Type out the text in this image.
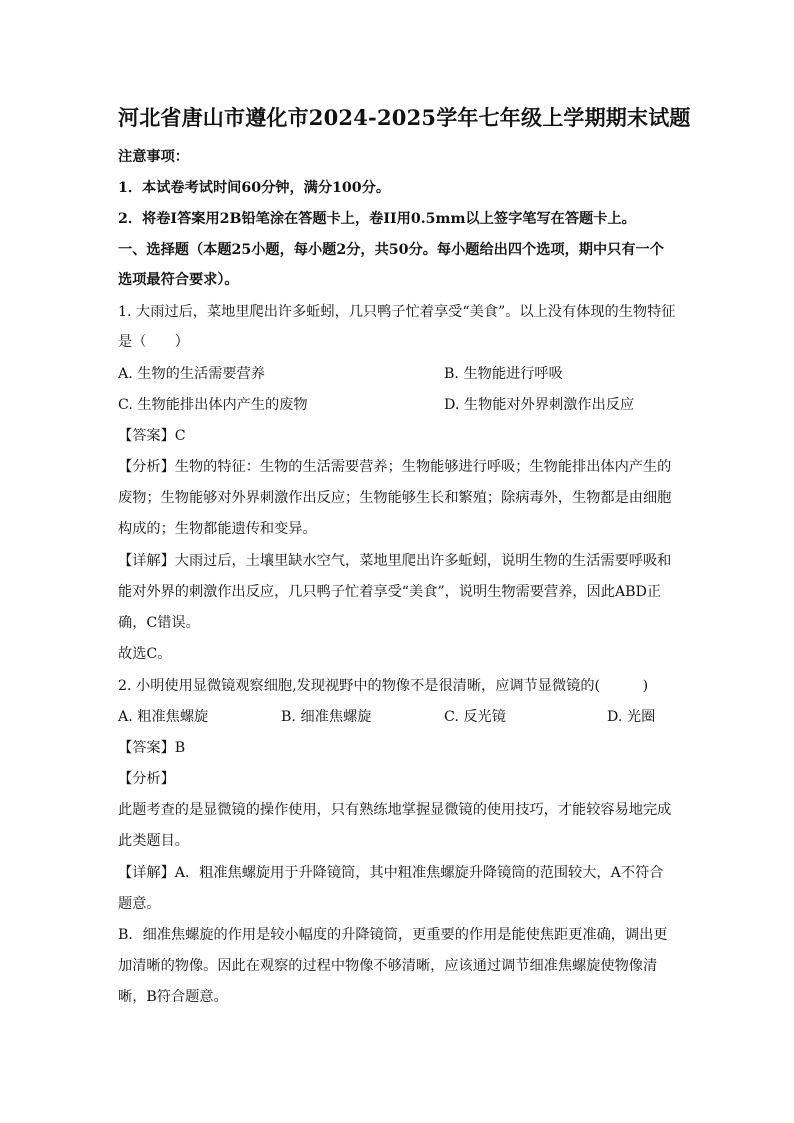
河北省唐山市遵化市2024-2025学年七年级上学期期末试题
注意事项：
1．本试卷考试时间60分钟，满分100分。
2．将卷I答案用2B铅笔涂在答题卡上，卷II用0.5mm以上签字笔写在答题卡上。
一、选择题（本题25小题，每小题2分，共50分。每小题给出四个选项，期中只有一个
选项最符合要求）。
1. 大雨过后，菜地里爬出许多蚯蚓，几只鸭子忙着享受“美食”。以上没有体现的生物特征
是（　　）
A. 生物的生活需要营养	B. 生物能进行呼吸
C. 生物能排出体内产生的废物	D. 生物能对外界刺激作出反应
【答案】C
【分析】生物的特征：生物的生活需要营养；生物能够进行呼吸；生物能排出体内产生的
废物；生物能够对外界刺激作出反应；生物能够生长和繁殖；除病毒外，生物都是由细胞
构成的；生物都能遗传和变异。
【详解】大雨过后，土壤里缺水空气，菜地里爬出许多蚯蚓，说明生物的生活需要呼吸和
能对外界的刺激作出反应，几只鸭子忙着享受“美食”，说明生物需要营养，因此ABD正
确，C错误。
故选C。
2. 小明使用显微镜观察细胞,发现视野中的物像不是很清晰，应调节显微镜的(　　　)
A. 粗准焦螺旋	B. 细准焦螺旋	C. 反光镜	D. 光圈
【答案】B
【分析】
此题考查的是显微镜的操作使用，只有熟练地掌握显微镜的使用技巧，才能较容易地完成
此类题目。
【详解】A．粗准焦螺旋用于升降镜筒，其中粗准焦螺旋升降镜筒的范围较大，A不符合
题意。
B．细准焦螺旋的作用是较小幅度的升降镜筒，更重要的作用是能使焦距更准确，调出更
加清晰的物像。因此在观察的过程中物像不够清晰，应该通过调节细准焦螺旋使物像清
晰，B符合题意。
